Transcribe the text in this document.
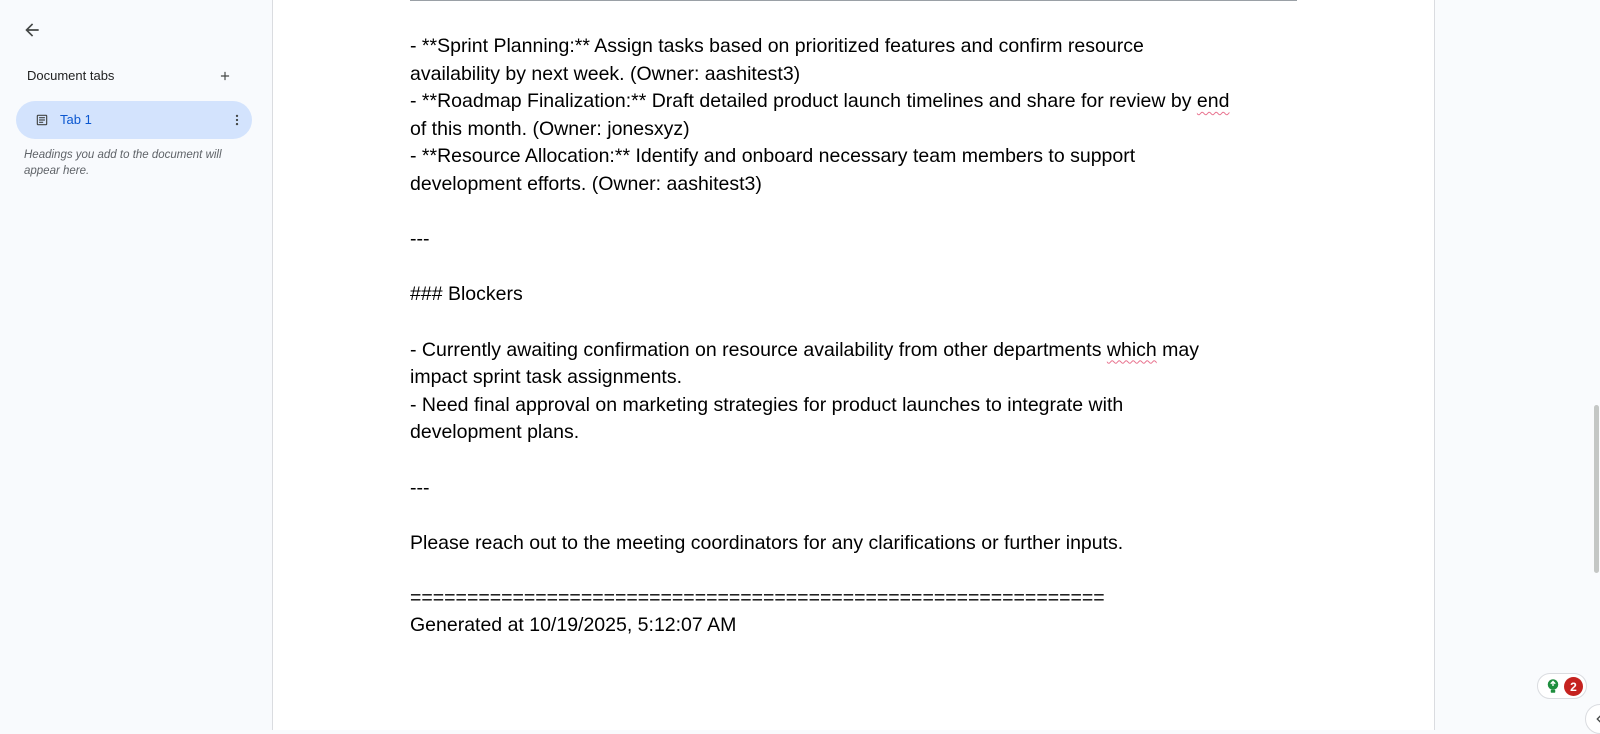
Document tabs
Tab 1
Headings you add to the document will appear here.

- **Sprint Planning:** Assign tasks based on prioritized features and confirm resource

availability by next week. (Owner: aashitest3)

- **Roadmap Finalization:** Draft detailed product launch timelines and share for review by end

of this month. (Owner: jonesxyz)

- **Resource Allocation:** Identify and onboard necessary team members to support

development efforts. (Owner: aashitest3)

---

### Blockers

- Currently awaiting confirmation on resource availability from other departments which may

impact sprint task assignments.

- Need final approval on marketing strategies for product launches to integrate with

development plans.

---

Please reach out to the meeting coordinators for any clarifications or further inputs.

=============================================================

Generated at 10/19/2025, 5:12:07 AM

2
